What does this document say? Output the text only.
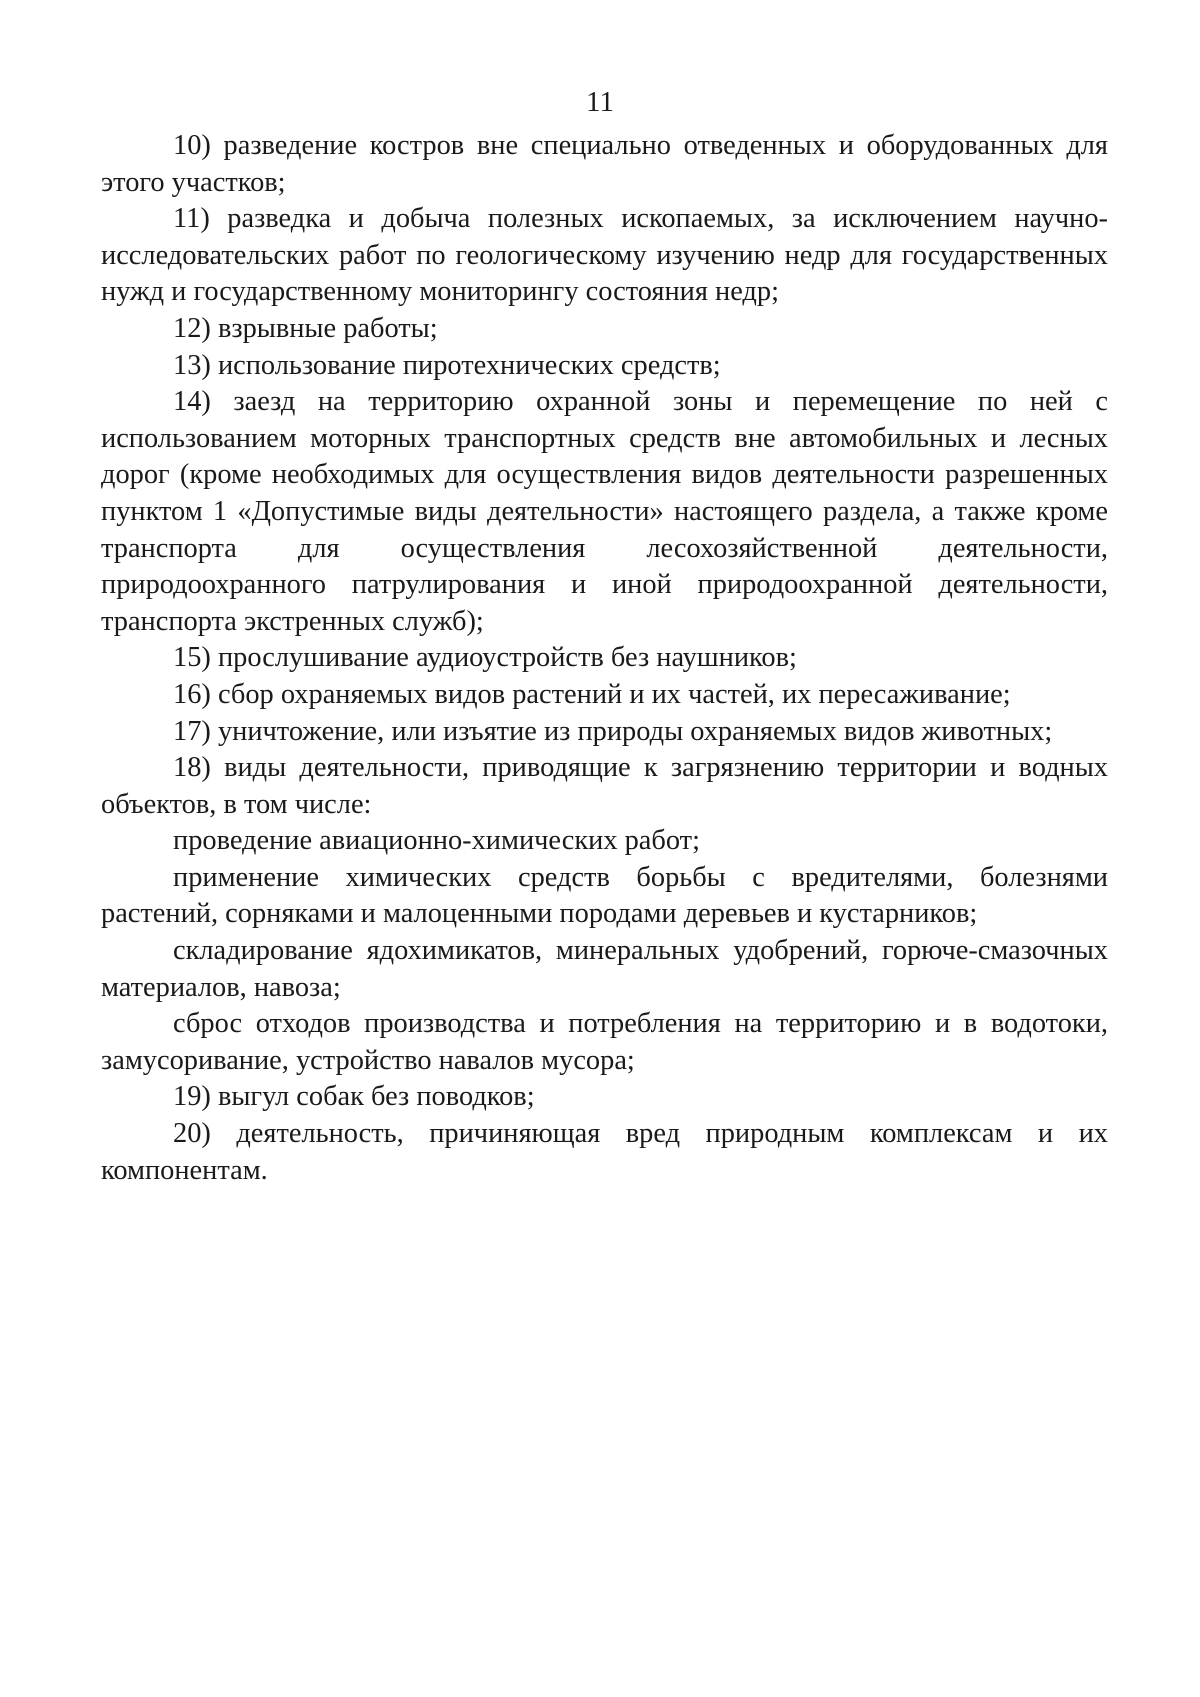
11

10) разведение костров вне специально отведенных и оборудованных для этого участков;

11) разведка и добыча полезных ископаемых, за исключением научно-исследовательских работ по геологическому изучению недр для государственных нужд и государственному мониторингу состояния недр;

12) взрывные работы;

13) использование пиротехнических средств;

14) заезд на территорию охранной зоны и перемещение по ней с использованием моторных транспортных средств вне автомобильных и лесных дорог (кроме необходимых для осуществления видов деятельности разрешенных пунктом 1 «Допустимые виды деятельности» настоящего раздела, а также кроме транспорта для осуществления лесохозяйственной деятельности, природоохранного патрулирования и иной природоохранной деятельности, транспорта экстренных служб);

15) прослушивание аудиоустройств без наушников;

16) сбор охраняемых видов растений и их частей, их пересаживание;

17) уничтожение, или изъятие из природы охраняемых видов животных;

18) виды деятельности, приводящие к загрязнению территории и водных объектов, в том числе:

проведение авиационно-химических работ;

применение химических средств борьбы с вредителями, болезнями растений, сорняками и малоценными породами деревьев и кустарников;

складирование ядохимикатов, минеральных удобрений, горюче-смазочных материалов, навоза;

сброс отходов производства и потребления на территорию и в водотоки, замусоривание, устройство навалов мусора;

19) выгул собак без поводков;

20) деятельность, причиняющая вред природным комплексам и их компонентам.
